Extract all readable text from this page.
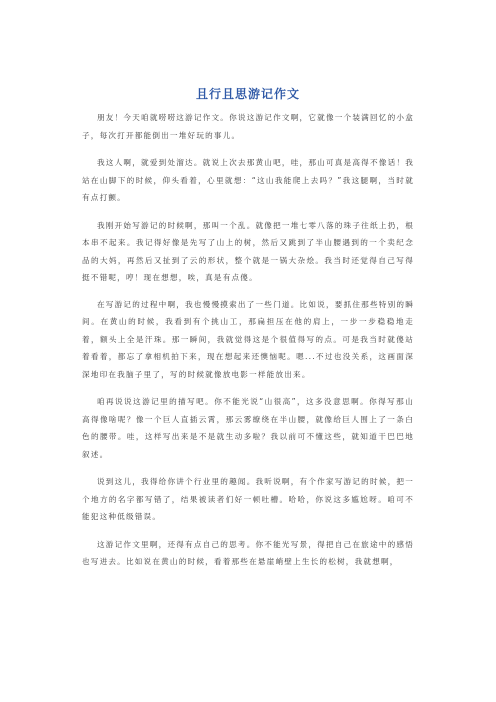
且行且思游记作文

朋友！今天咱就唠唠这游记作文。你说这游记作文啊，它就像一个装满回忆的小盒子，每次打开都能倒出一堆好玩的事儿。

我这人啊，就爱到处溜达。就说上次去那黄山吧，哇，那山可真是高得不像话！我站在山脚下的时候，仰头看着，心里就想：“这山我能爬上去吗？”我这腿啊，当时就有点打颤。

我刚开始写游记的时候啊，那叫一个乱。就像把一堆七零八落的珠子往纸上扔，根本串不起来。我记得好像是先写了山上的树，然后又跳到了半山腰遇到的一个卖纪念品的大妈，再然后又扯到了云的形状，整个就是一锅大杂烩。我当时还觉得自己写得挺不错呢，哼！现在想想，唉，真是有点傻。

在写游记的过程中啊，我也慢慢摸索出了一些门道。比如说，要抓住那些特别的瞬间。在黄山的时候，我看到有个挑山工，那扁担压在他的肩上，一步一步稳稳地走着，额头上全是汗珠。那一瞬间，我就觉得这是个很值得写的点。可是我当时就傻站着看着，都忘了拿相机拍下来，现在想起来还懊恼呢。嗯...不过也没关系，这画面深深地印在我脑子里了，写的时候就像放电影一样能放出来。

咱再说说这游记里的描写吧。你不能光说“山很高”，这多没意思啊。你得写那山高得像啥呢？像一个巨人直插云霄，那云雾缭绕在半山腰，就像给巨人围上了一条白色的腰带。哇，这样写出来是不是就生动多啦？我以前可不懂这些，就知道干巴巴地叙述。

说到这儿，我得给你讲个行业里的趣闻。我听说啊，有个作家写游记的时候，把一个地方的名字都写错了，结果被读者们好一顿吐槽。哈哈，你说这多尴尬呀。咱可不能犯这种低级错误。

这游记作文里啊，还得有点自己的思考。你不能光写景，得把自己在旅途中的感悟也写进去。比如说在黄山的时候，看着那些在悬崖峭壁上生长的松树，我就想啊，
